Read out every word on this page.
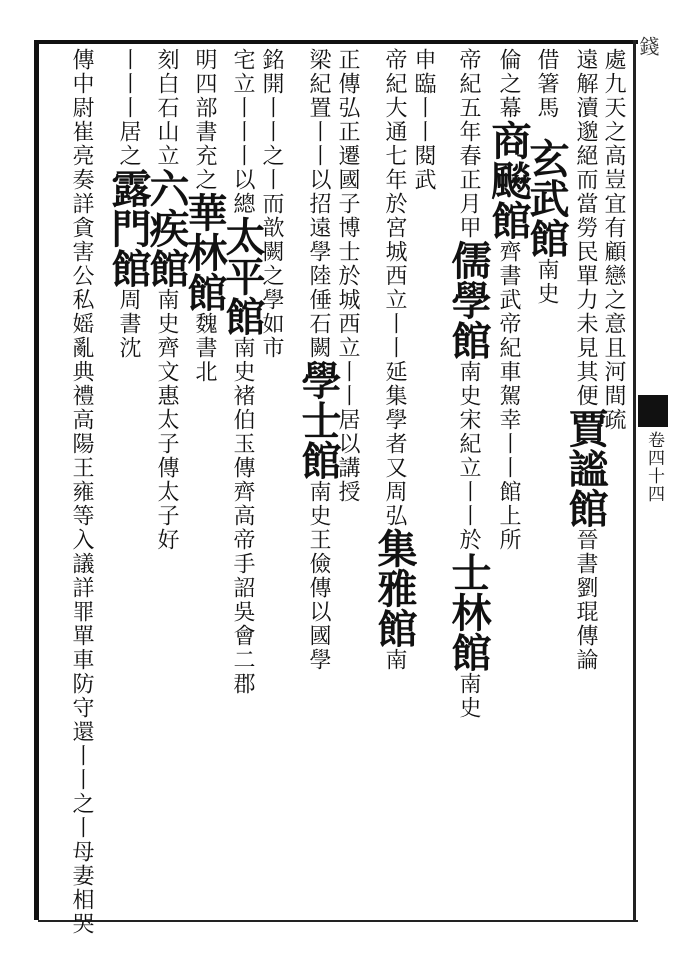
錢
卷四十四
處九天之高豈宜有顧戀之意且河間疏
遠解瀆邈絕而當勞民單力未見其便賈謐館晉書劉琨傳論
借箸馬玄武館南史
倫之幕商飈館齊書武帝紀車駕幸丨丨館上所
帝紀五年春正月甲儒學館南史宋紀立丨丨於士林館南史
申臨丨丨閱武
帝紀大通七年於宮城西立丨丨延集學者又周弘集雅館南
正傳弘正遷國子博士於城西立丨丨居以講授
梁紀置丨丨以招遠學陸倕石闕學士館南史王儉傳以國學
銘開丨丨之丨而歆闕之學如市
宅立丨丨丨以總太平館南史褚伯玉傳齊高帝手詔吳會二郡
明四部書充之華林館魏書北
刻白石山立六疾館南史齊文惠太子傳太子好
丨丨丨居之露門館周書沈
傳中尉崔亮奏詳貪害公私媱亂典禮高陽王雍等入議詳罪單車防守還丨丨之丨母妻相哭
